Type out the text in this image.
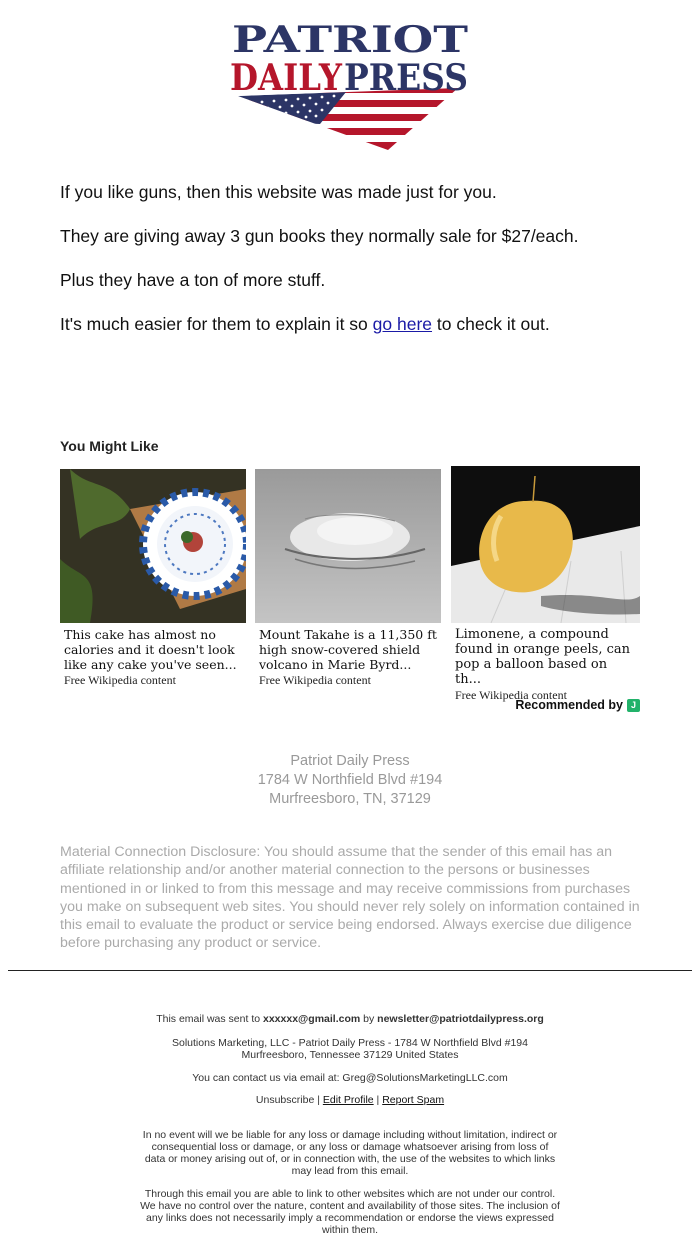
PATRIOT
DAILY PRESS

If you like guns, then this website was made just for you.

They are giving away 3 gun books they normally sale for $27/each.

Plus they have a ton of more stuff.

It's much easier for them to explain it so go here to check it out.

You Might Like
This cake has almost no calories and it doesn't look like any cake you've seen...
Free Wikipedia content
Mount Takahe is a 11,350 ft high snow-covered shield volcano in Marie Byrd...
Free Wikipedia content
Limonene, a compound found in orange peels, can pop a balloon based on th...
Free Wikipedia content
Recommended by J
Patriot Daily Press
1784 W Northfield Blvd #194
Murfreesboro, TN, 37129
Material Connection Disclosure: You should assume that the sender of this email has an affiliate relationship and/or another material connection to the persons or businesses mentioned in or linked to from this message and may receive commissions from purchases you make on subsequent web sites. You should never rely solely on information contained in this email to evaluate the product or service being endorsed. Always exercise due diligence before purchasing any product or service.
This email was sent to xxxxxx@gmail.com by newsletter@patriotdailypress.org
Solutions Marketing, LLC - Patriot Daily Press - 1784 W Northfield Blvd #194
Murfreesboro, Tennessee 37129 United States
You can contact us via email at: Greg@SolutionsMarketingLLC.com
Unsubscribe | Edit Profile | Report Spam
In no event will we be liable for any loss or damage including without limitation, indirect or consequential loss or damage, or any loss or damage whatsoever arising from loss of data or money arising out of, or in connection with, the use of the websites to which links may lead from this email.
Through this email you are able to link to other websites which are not under our control. We have no control over the nature, content and availability of those sites. The inclusion of any links does not necessarily imply a recommendation or endorse the views expressed within them.
